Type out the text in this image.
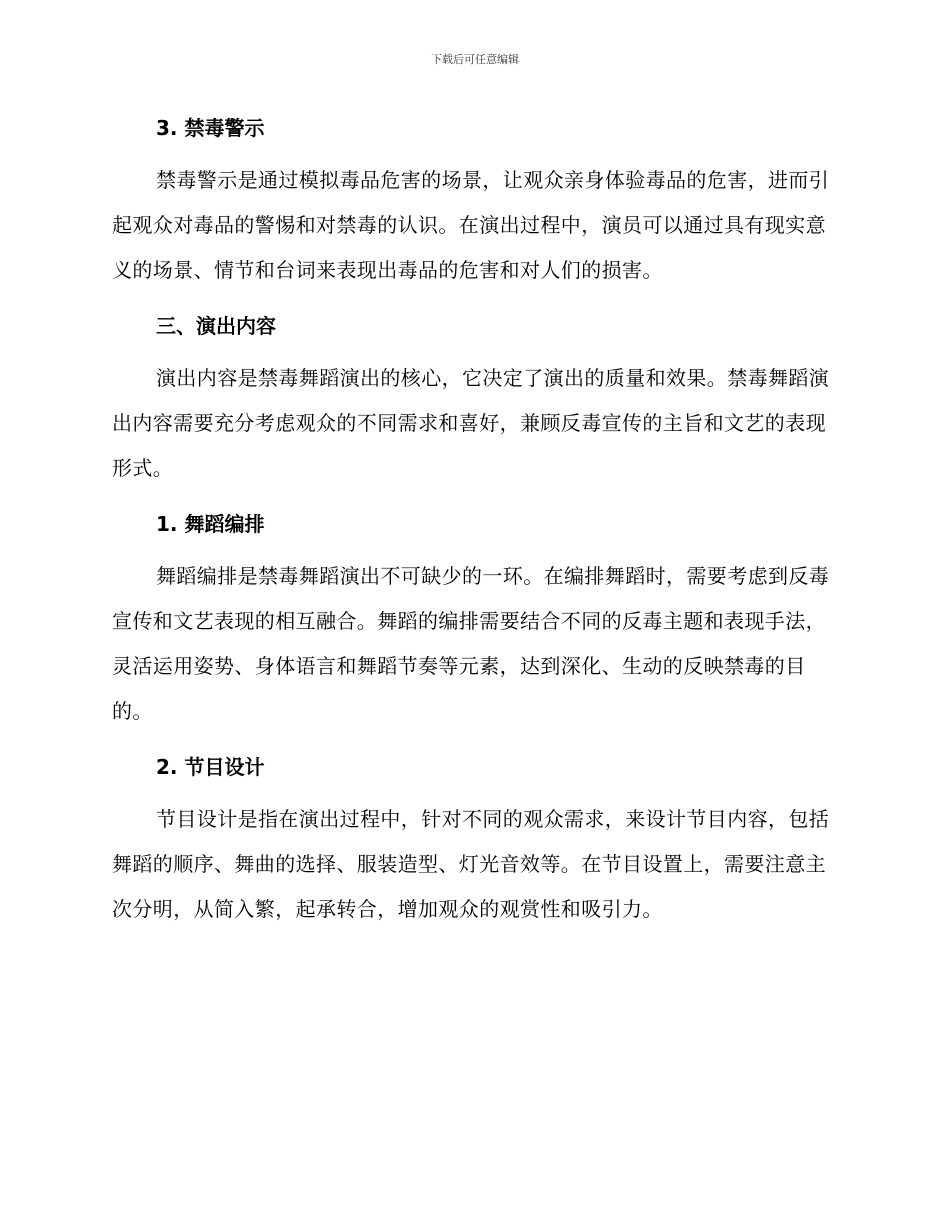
下载后可任意编辑

3. 禁毒警示

禁毒警示是通过模拟毒品危害的场景，让观众亲身体验毒品的危害，进而引起观众对毒品的警惕和对禁毒的认识。在演出过程中，演员可以通过具有现实意义的场景、情节和台词来表现出毒品的危害和对人们的损害。

三、演出内容

演出内容是禁毒舞蹈演出的核心，它决定了演出的质量和效果。禁毒舞蹈演出内容需要充分考虑观众的不同需求和喜好，兼顾反毒宣传的主旨和文艺的表现形式。

1. 舞蹈编排

舞蹈编排是禁毒舞蹈演出不可缺少的一环。在编排舞蹈时，需要考虑到反毒宣传和文艺表现的相互融合。舞蹈的编排需要结合不同的反毒主题和表现手法，灵活运用姿势、身体语言和舞蹈节奏等元素，达到深化、生动的反映禁毒的目的。

2. 节目设计

节目设计是指在演出过程中，针对不同的观众需求，来设计节目内容，包括舞蹈的顺序、舞曲的选择、服装造型、灯光音效等。在节目设置上，需要注意主次分明，从简入繁，起承转合，增加观众的观赏性和吸引力。
